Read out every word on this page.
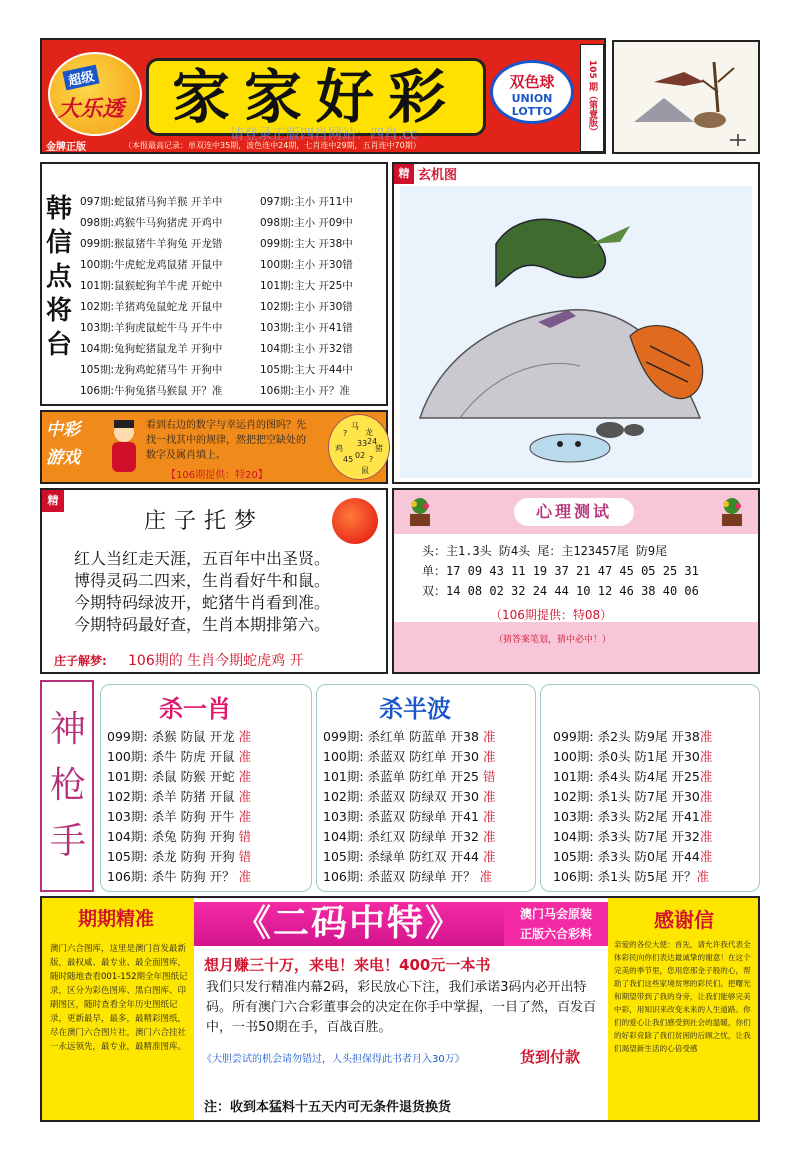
超级
大乐透 家家好彩	双色球
UNION LOTTO
请登录正版四肖网站：四肖.cc
金牌正版	（本报最高记录：单双连中35期，波色连中24期，七肖连中29期，五肖连中70期）
105 期（第壹版）
韩信点将台
097期:蛇鼠猪马狗羊猴 开羊中	097期:主小 开11中
098期:鸡猴牛马狗猪虎 开鸡中	098期:主小 开09中
099期:猴鼠猪牛羊狗兔 开龙错	099期:主大 开38中
100期:牛虎蛇龙鸡鼠猪 开鼠中	100期:主小 开30错
101期:鼠猴蛇狗羊牛虎 开蛇中	101期:主大 开25中
102期:羊猪鸡兔鼠蛇龙 开鼠中	102期:主小 开30错
103期:羊狗虎鼠蛇牛马 开牛中	103期:主小 开41错
104期:兔狗蛇猪鼠龙羊 开狗中	104期:主小 开32错
105期:龙狗鸡蛇猪马牛 开狗中	105期:主大 开44中
106期:牛狗兔猪马猴鼠 开？准	106期:主小 开？准
精 玄机图
中彩
游戏
看到右边的数字与幸运肖的图吗？先找一找其中的规律，然把把空缺处的数字及属肖填上。
【106期提供：特20】
马
龙
猪
鼠
鸡
?
45
33
02 ?
24
精
庄子托梦
红人当红走天涯，五百年中出圣贤。
博得灵码二四来，生肖看好牛和鼠。
今期特码绿波开，蛇猪牛肖看到准。
今期特码最好查，生肖本期排第六。
庄子解梦: 106期的 生肖今期蛇虎鸡 开
心理测试
头：主1.3头 防4头 尾：主123457尾 防9尾
单：17 09 43 11 19 37 21 47 45 05 25 31
双：14 08 02 32 24 44 10 12 46 38 40 06
（106期提供：特08）
（猜答案笔划，猜中必中！）
神枪手
杀一肖
099期: 杀猴 防鼠 开龙 准
100期: 杀牛 防虎 开鼠 准
101期: 杀鼠 防猴 开蛇 准
102期: 杀羊 防猪 开鼠 准
103期: 杀羊 防狗 开牛 准
104期: 杀兔 防狗 开狗 错
105期: 杀龙 防狗 开狗 错
106期: 杀牛 防狗 开？ 准
杀半波
099期: 杀红单 防蓝单 开38 准
100期: 杀蓝双 防红单 开30 准
101期: 杀蓝单 防红单 开25 错
102期: 杀蓝双 防绿双 开30 准
103期: 杀蓝双 防绿单 开41 准
104期: 杀红双 防绿单 开32 准
105期: 杀绿单 防红双 开44 准
106期: 杀蓝双 防绿单 开？ 准
099期: 杀2头 防9尾 开38准
100期: 杀0头 防1尾 开30准
101期: 杀4头 防4尾 开25准
102期: 杀1头 防7尾 开30准
103期: 杀3头 防2尾 开41准
104期: 杀3头 防7尾 开32准
105期: 杀3头 防0尾 开44准
106期: 杀1头 防5尾 开？准
期期精准
澳门六合图库，这里是澳门首发最新版，最权威、最专业、最全面图库，随时随地查看001-152期全年图纸记录，区分为彩色图库、黑白图库、印刷图区，随时查看全年历史图纸记录，更新最早，最多，最精彩图纸，尽在澳门六合图片社，澳门六合挂社一永远领先，最专业，最精准图库。
《二码中特》	澳门马会原装
正版六合彩料
想月赚三十万，来电！来电！400元一本书
我们只发行精准内幕2码，彩民放心下注，我们承诺3码内必开出特码。所有澳门六合彩董事会的决定在你手中掌握，一目了然，百发百中，一书50期在手，百战百胜。
《大胆尝试的机会请勿错过，人头担保得此书者月入30万》	货到付款
注：收到本猛料十五天内可无条件退货换货
感谢信
亲爱的各位大使：首先，请允许我代表全体彩民向你们表达最诚挚的谢意！在这个完美的季节里，您用您那金子般的心，帮助了我们这些家境贫寒的彩民们。把曙光和期望带到了我的身旁，让我们能够完美中彩，用知识来改变未来的人生道路。你们的爱心让我们感受到社会的温暖，你们的好彩竞除了我们贫困的后顾之忧，让我们渴望新生活的心倍受感
